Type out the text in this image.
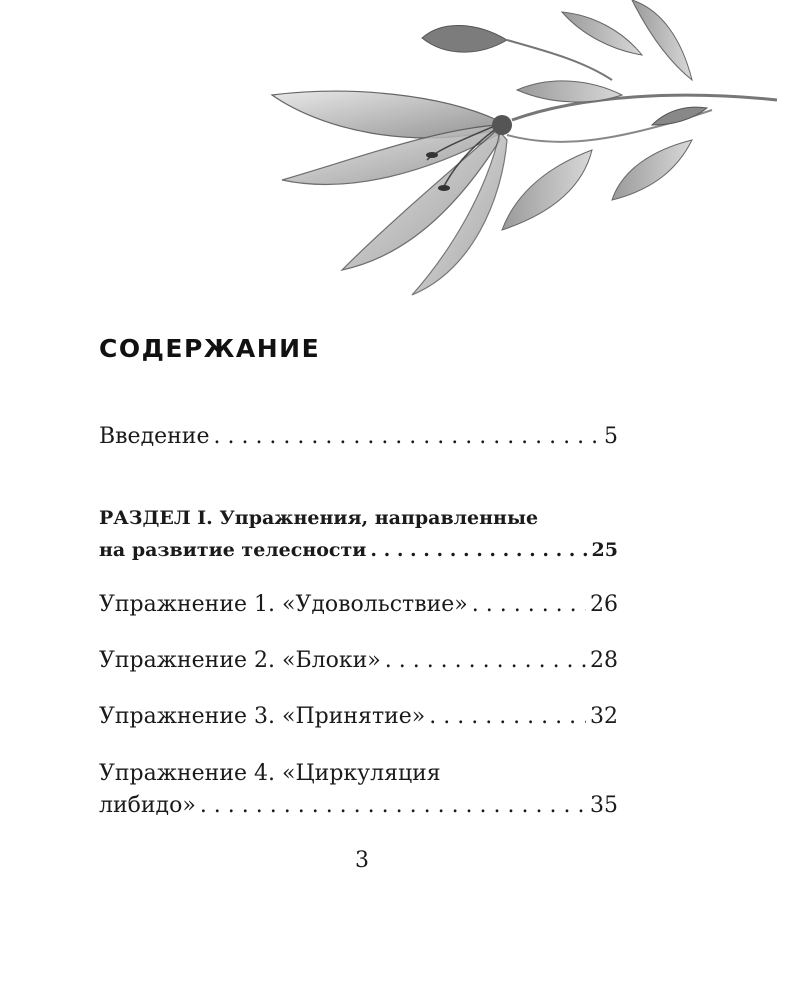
СОДЕРЖАНИЕ
Введение . . .	5
РАЗДЕЛ I. Упражнения, направленные
на развитие телесности . . .	25
Упражнение 1. «Удовольствие» . . .	26
Упражнение 2. «Блоки» . . .	28
Упражнение 3. «Принятие» . . .	32
Упражнение 4. «Циркуляция
либидо» . . .	35
3
